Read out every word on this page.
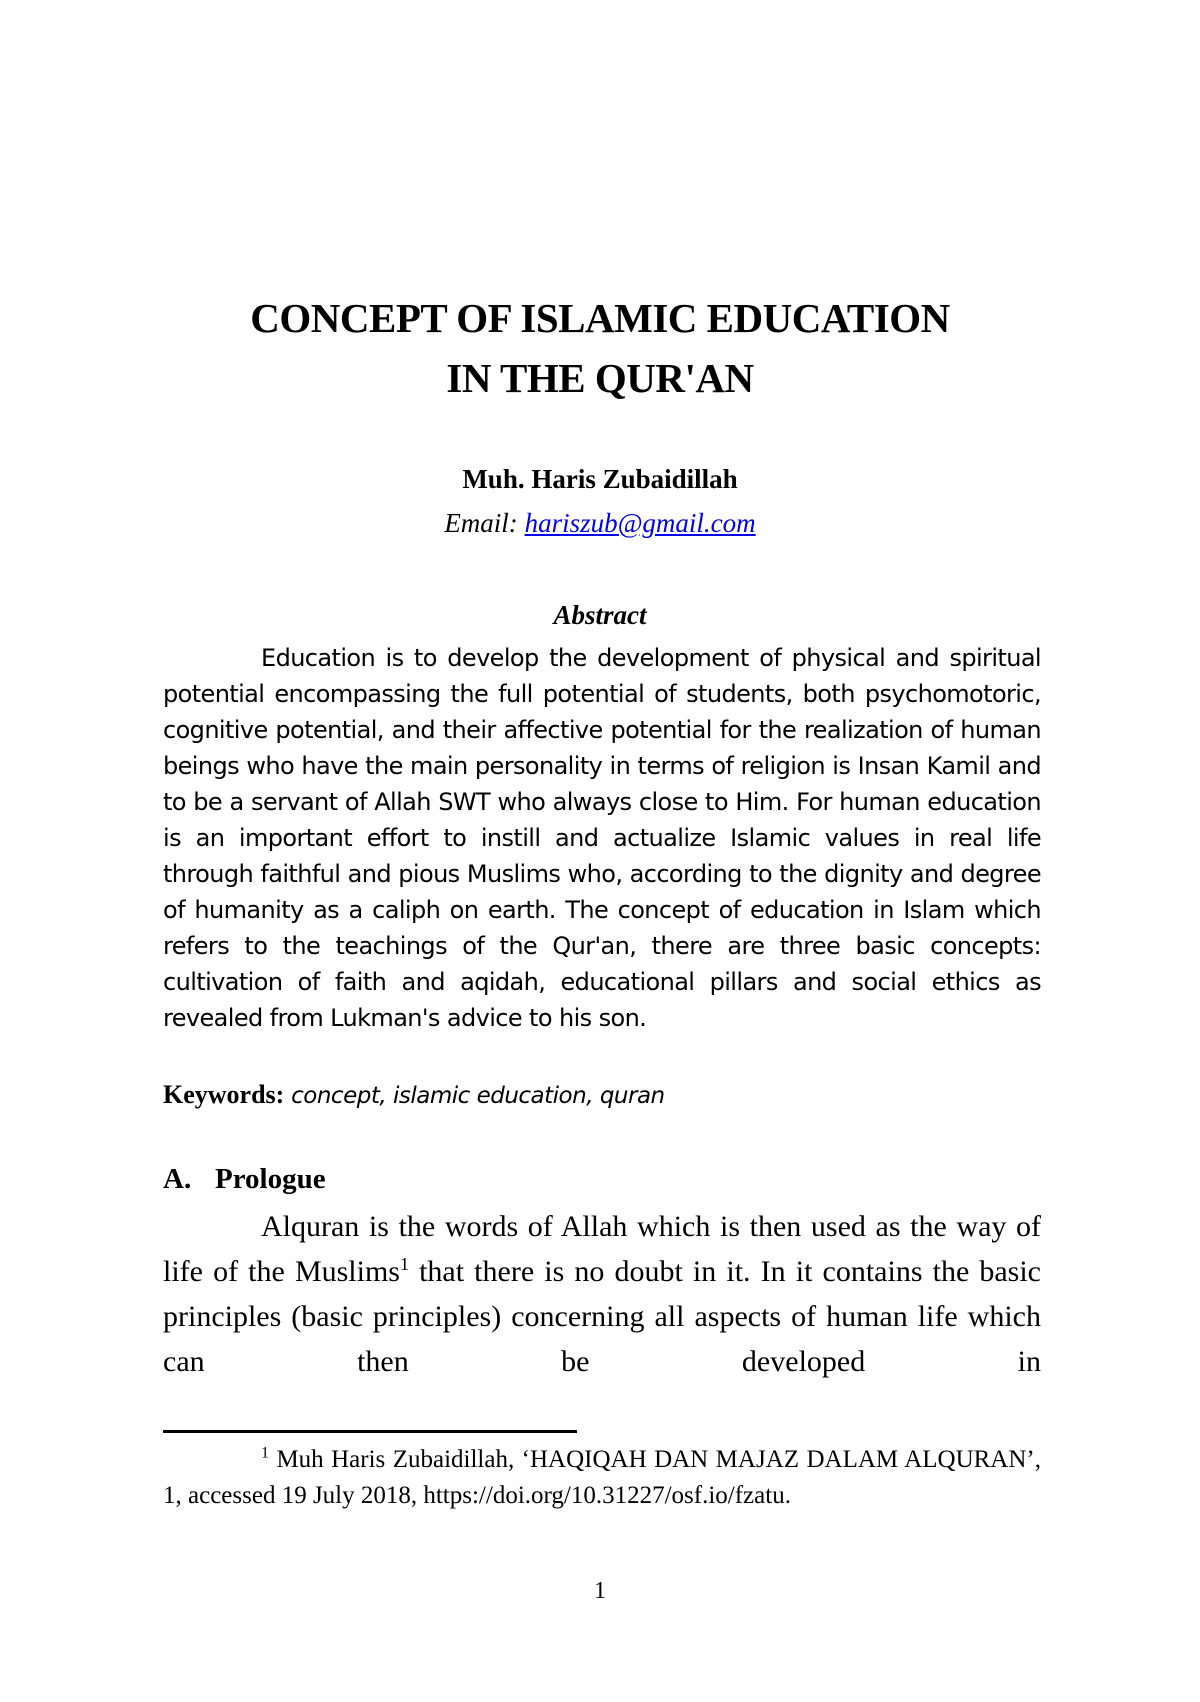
CONCEPT OF ISLAMIC EDUCATION
IN THE QUR'AN
Muh. Haris Zubaidillah
Email: hariszub@gmail.com
Abstract
Education is to develop the development of physical and spiritual potential encompassing the full potential of students, both psychomotoric, cognitive potential, and their affective potential for the realization of human beings who have the main personality in terms of religion is Insan Kamil and to be a servant of Allah SWT who always close to Him. For human education is an important effort to instill and actualize Islamic values in real life through faithful and pious Muslims who, according to the dignity and degree of humanity as a caliph on earth. The concept of education in Islam which refers to the teachings of the Qur'an, there are three basic concepts: cultivation of faith and aqidah, educational pillars and social ethics as revealed from Lukman's advice to his son.
Keywords: concept, islamic education, quran
A. Prologue
Alquran is the words of Allah which is then used as the way of life of the Muslims$^1$ that there is no doubt in it. In it contains the basic principles (basic principles) concerning all aspects of human life which can then be developed in
$^1$ Muh Haris Zubaidillah, ‘HAQIQAH DAN MAJAZ DALAM ALQURAN’, 1, accessed 19 July 2018, https://doi.org/10.31227/osf.io/fzatu.
1
